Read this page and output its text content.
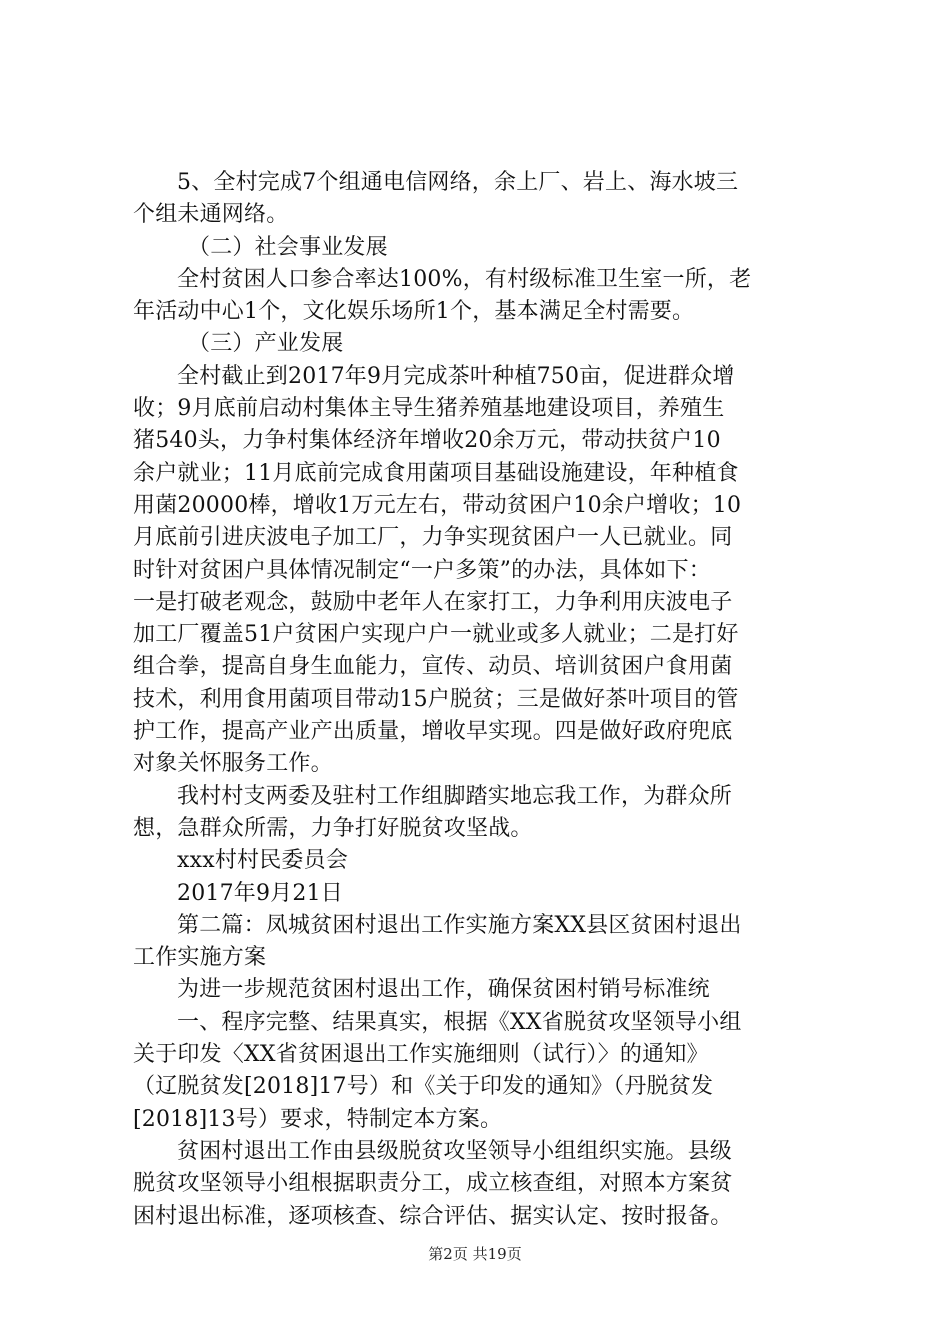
5、全村完成7个组通电信网络，余上厂、岩上、海水坡三
个组未通网络。
（二）社会事业发展
全村贫困人口参合率达100%，有村级标准卫生室一所，老
年活动中心1个，文化娱乐场所1个，基本满足全村需要。
（三）产业发展
全村截止到2017年9月完成茶叶种植750亩，促进群众增
收；9月底前启动村集体主导生猪养殖基地建设项目，养殖生
猪540头，力争村集体经济年增收20余万元，带动扶贫户10
余户就业；11月底前完成食用菌项目基础设施建设，年种植食
用菌20000棒，增收1万元左右，带动贫困户10余户增收；10
月底前引进庆波电子加工厂，力争实现贫困户一人已就业。同
时针对贫困户具体情况制定“一户多策”的办法，具体如下：
一是打破老观念，鼓励中老年人在家打工，力争利用庆波电子
加工厂覆盖51户贫困户实现户户一就业或多人就业；二是打好
组合拳，提高自身生血能力，宣传、动员、培训贫困户食用菌
技术，利用食用菌项目带动15户脱贫；三是做好茶叶项目的管
护工作，提高产业产出质量，增收早实现。四是做好政府兜底
对象关怀服务工作。
我村村支两委及驻村工作组脚踏实地忘我工作，为群众所
想，急群众所需，力争打好脱贫攻坚战。
xxx村村民委员会
2017年9月21日
第二篇：凤城贫困村退出工作实施方案XX县区贫困村退出
工作实施方案
为进一步规范贫困村退出工作，确保贫困村销号标准统
一、程序完整、结果真实，根据《XX省脱贫攻坚领导小组
关于印发〈XX省贫困退出工作实施细则（试行）〉的通知》
（辽脱贫发[2018]17号）和《关于印发的通知》（丹脱贫发
[2018]13号）要求，特制定本方案。
贫困村退出工作由县级脱贫攻坚领导小组组织实施。县级
脱贫攻坚领导小组根据职责分工，成立核查组，对照本方案贫
困村退出标准，逐项核查、综合评估、据实认定、按时报备。
第2页 共19页
